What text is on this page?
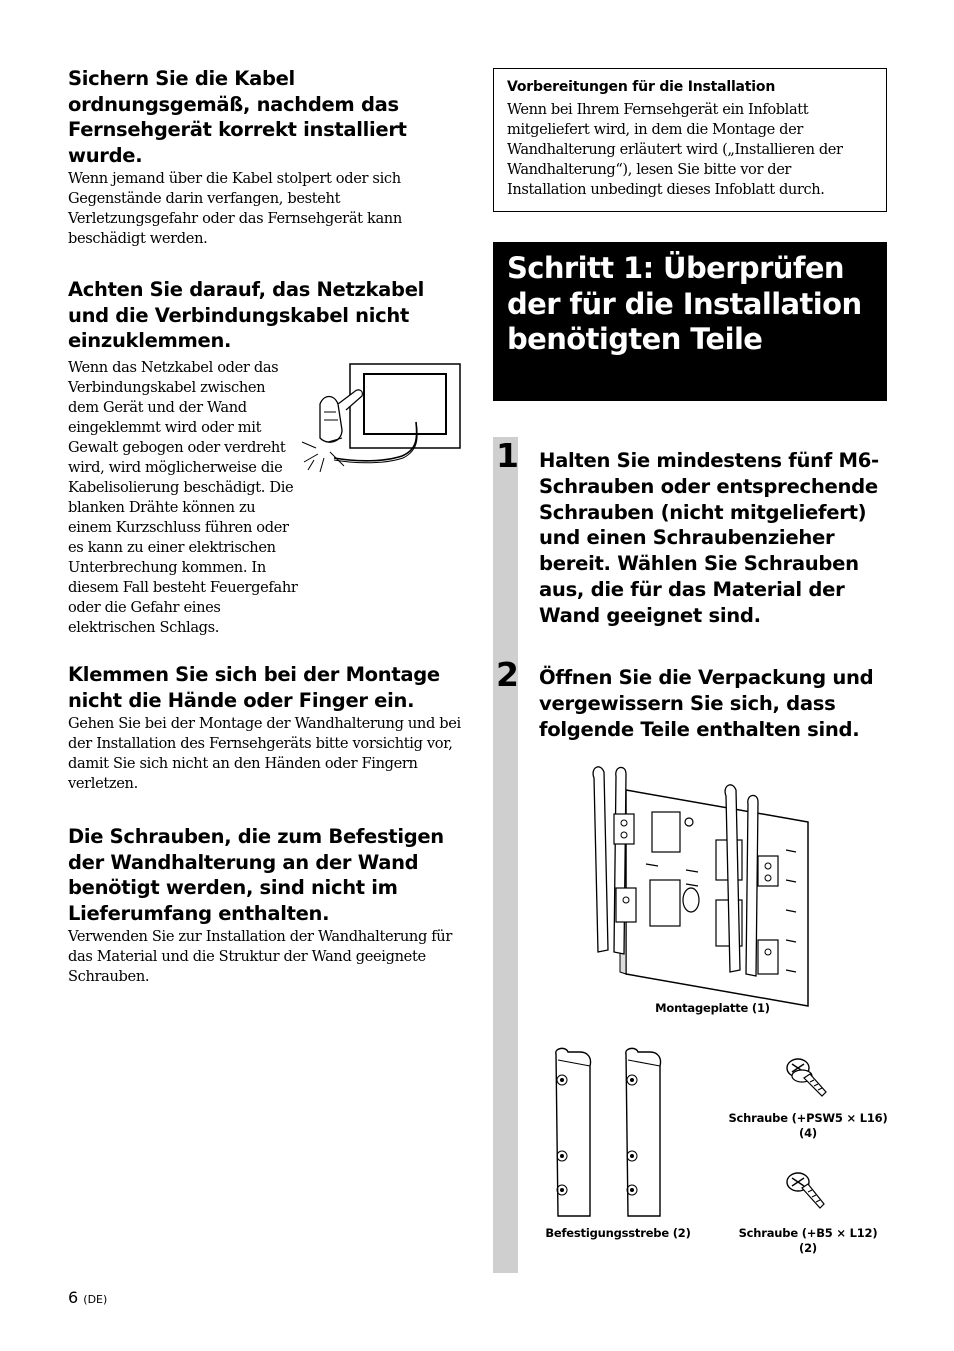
Sichern Sie die Kabel ordnungsgemäß, nachdem das Fernsehgerät korrekt installiert wurde.

Wenn jemand über die Kabel stolpert oder sich Gegenstände darin verfangen, besteht Verletzungsgefahr oder das Fernsehgerät kann beschädigt werden.

Achten Sie darauf, das Netzkabel und die Verbindungskabel nicht einzuklemmen.

Wenn das Netzkabel oder das Verbindungskabel zwischen dem Gerät und der Wand eingeklemmt wird oder mit Gewalt gebogen oder verdreht wird, wird möglicherweise die Kabelisolierung beschädigt. Die blanken Drähte können zu einem Kurzschluss führen oder es kann zu einer elektrischen Unterbrechung kommen. In diesem Fall besteht Feuergefahr oder die Gefahr eines elektrischen Schlags.

Klemmen Sie sich bei der Montage nicht die Hände oder Finger ein.

Gehen Sie bei der Montage der Wandhalterung und bei der Installation des Fernsehgeräts bitte vorsichtig vor, damit Sie sich nicht an den Händen oder Fingern verletzen.

Die Schrauben, die zum Befestigen der Wandhalterung an der Wand benötigt werden, sind nicht im Lieferumfang enthalten.

Verwenden Sie zur Installation der Wandhalterung für das Material und die Struktur der Wand geeignete Schrauben.

Vorbereitungen für die Installation

Wenn bei Ihrem Fernsehgerät ein Infoblatt mitgeliefert wird, in dem die Montage der Wandhalterung erläutert wird („Installieren der Wandhalterung“), lesen Sie bitte vor der Installation unbedingt dieses Infoblatt durch.

Schritt 1: Überprüfen der für die Installation benötigten Teile
1 Halten Sie mindestens fünf M6-Schrauben oder entsprechende Schrauben (nicht mitgeliefert) und einen Schraubenzieher bereit. Wählen Sie Schrauben aus, die für das Material der Wand geeignet sind.
2 Öffnen Sie die Verpackung und vergewissern Sie sich, dass folgende Teile enthalten sind.
Montageplatte (1)
Befestigungsstrebe (2)
Schraube (+PSW5 × L16)
(4)
Schraube (+B5 × L12) (2)
6 (DE)
